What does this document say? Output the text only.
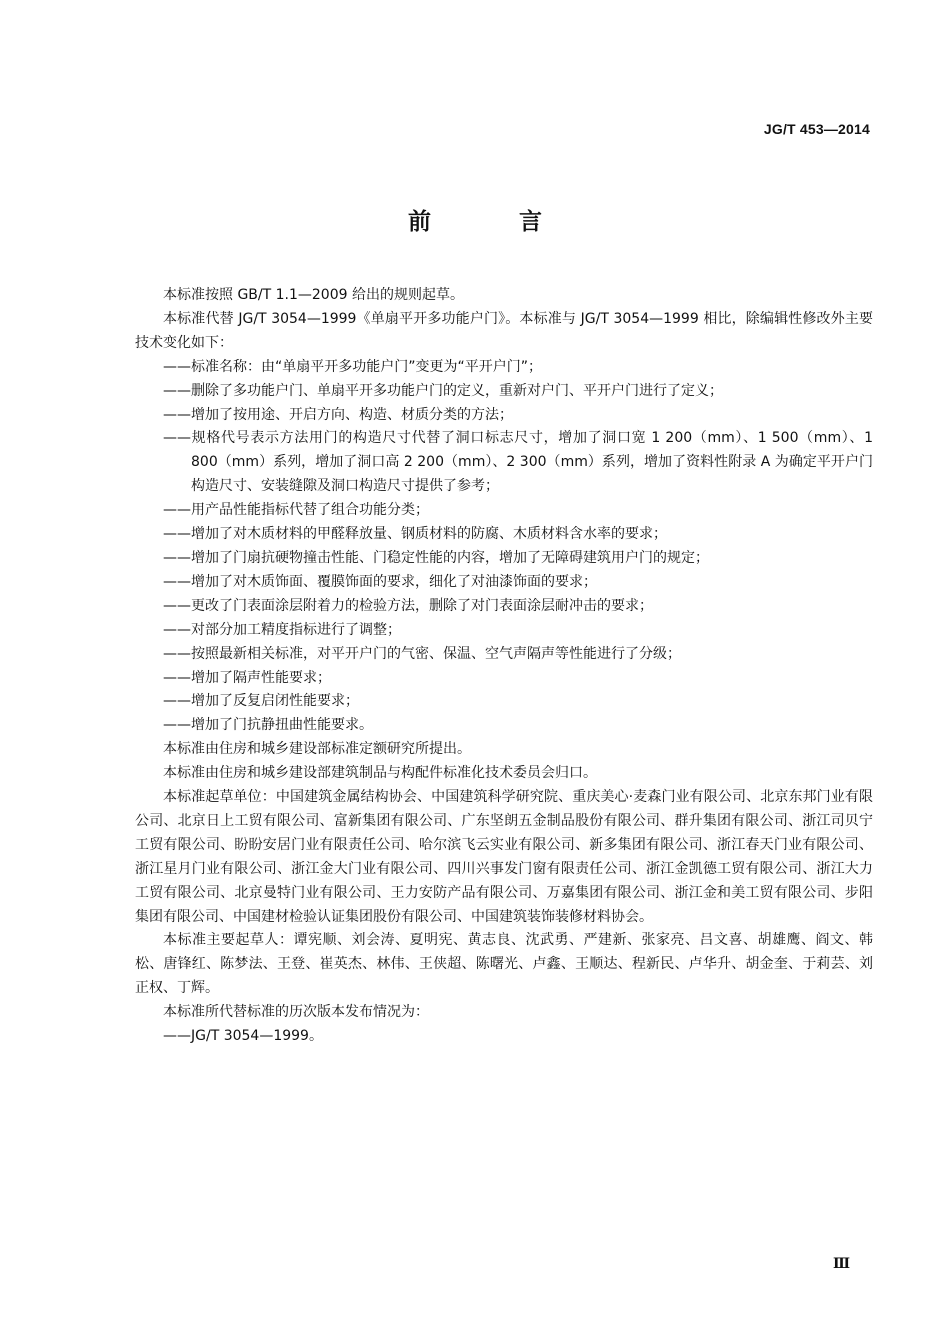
JG/T 453—2014
前 言

本标准按照 GB/T 1.1—2009 给出的规则起草。

本标准代替 JG/T 3054—1999《单扇平开多功能户门》。本标准与 JG/T 3054—1999 相比，除编辑性修改外主要技术变化如下：

——标准名称：由“单扇平开多功能户门”变更为“平开户门”；

——删除了多功能户门、单扇平开多功能户门的定义，重新对户门、平开户门进行了定义；

——增加了按用途、开启方向、构造、材质分类的方法；

——规格代号表示方法用门的构造尺寸代替了洞口标志尺寸，增加了洞口宽 1 200（mm）、1 500（mm）、1 800（mm）系列，增加了洞口高 2 200（mm）、2 300（mm）系列，增加了资料性附录 A 为确定平开户门构造尺寸、安装缝隙及洞口构造尺寸提供了参考；

——用产品性能指标代替了组合功能分类；

——增加了对木质材料的甲醛释放量、钢质材料的防腐、木质材料含水率的要求；

——增加了门扇抗硬物撞击性能、门稳定性能的内容，增加了无障碍建筑用户门的规定；

——增加了对木质饰面、覆膜饰面的要求，细化了对油漆饰面的要求；

——更改了门表面涂层附着力的检验方法，删除了对门表面涂层耐冲击的要求；

——对部分加工精度指标进行了调整；

——按照最新相关标准，对平开户门的气密、保温、空气声隔声等性能进行了分级；

——增加了隔声性能要求；

——增加了反复启闭性能要求；

——增加了门抗静扭曲性能要求。

本标准由住房和城乡建设部标准定额研究所提出。

本标准由住房和城乡建设部建筑制品与构配件标准化技术委员会归口。

本标准起草单位：中国建筑金属结构协会、中国建筑科学研究院、重庆美心·麦森门业有限公司、北京东邦门业有限公司、北京日上工贸有限公司、富新集团有限公司、广东坚朗五金制品股份有限公司、群升集团有限公司、浙江司贝宁工贸有限公司、盼盼安居门业有限责任公司、哈尔滨飞云实业有限公司、新多集团有限公司、浙江春天门业有限公司、浙江星月门业有限公司、浙江金大门业有限公司、四川兴事发门窗有限责任公司、浙江金凯德工贸有限公司、浙江大力工贸有限公司、北京曼特门业有限公司、王力安防产品有限公司、万嘉集团有限公司、浙江金和美工贸有限公司、步阳集团有限公司、中国建材检验认证集团股份有限公司、中国建筑装饰装修材料协会。

本标准主要起草人：谭宪顺、刘会涛、夏明宪、黄志良、沈武勇、严建新、张家亮、吕文喜、胡雄鹰、阎文、韩松、唐锋红、陈梦法、王登、崔英杰、林伟、王侠超、陈曙光、卢鑫、王顺达、程新民、卢华升、胡金奎、于莉芸、刘正权、丁辉。

本标准所代替标准的历次版本发布情况为：

——JG/T 3054—1999。

Ⅲ
